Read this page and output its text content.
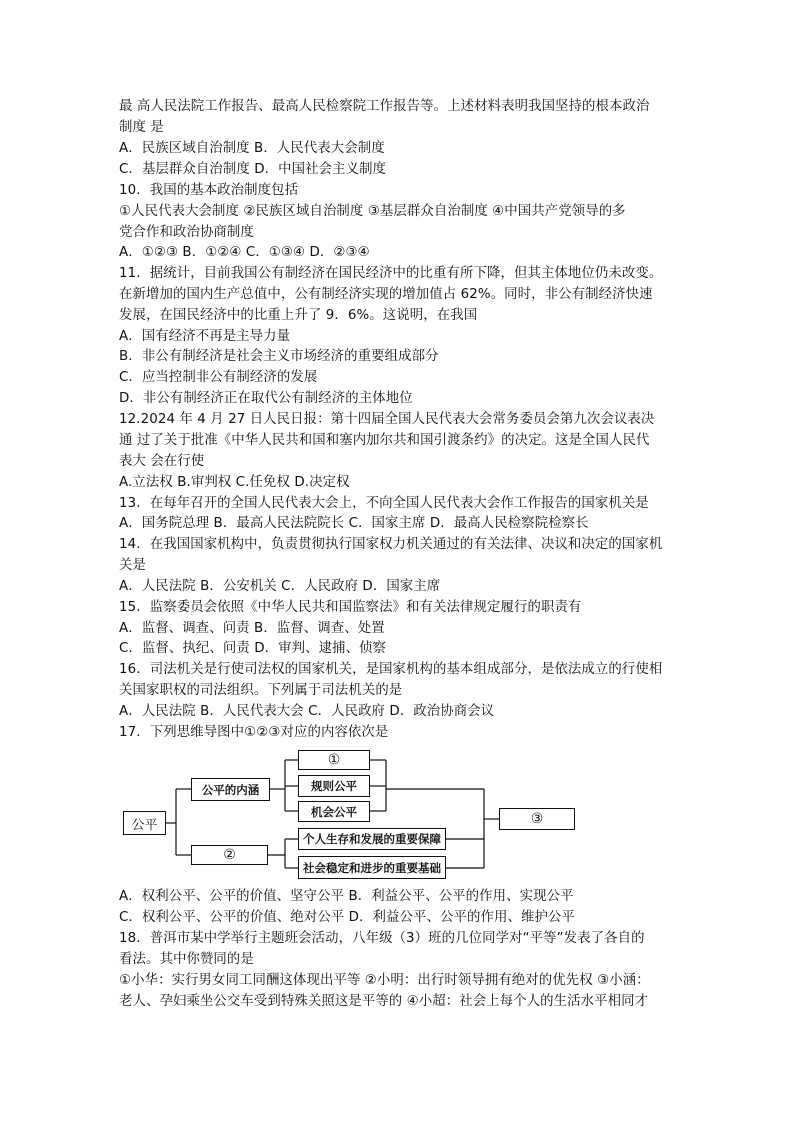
最 高人民法院工作报告、最高人民检察院工作报告等。上述材料表明我国坚持的根本政治
制度 是
A．民族区域自治制度 B．人民代表大会制度
C．基层群众自治制度 D．中国社会主义制度
10．我国的基本政治制度包括
①人民代表大会制度 ②民族区域自治制度 ③基层群众自治制度 ④中国共产党领导的多
党合作和政治协商制度
A．①②③ B．①②④ C．①③④ D．②③④
11．据统计，目前我国公有制经济在国民经济中的比重有所下降，但其主体地位仍未改变。
在新增加的国内生产总值中，公有制经济实现的增加值占 62%。同时，非公有制经济快速
发展，在国民经济中的比重上升了 9．6%。这说明，在我国
A．国有经济不再是主导力量
B．非公有制经济是社会主义市场经济的重要组成部分
C．应当控制非公有制经济的发展
D．非公有制经济正在取代公有制经济的主体地位
12.2024 年 4 月 27 日人民日报：第十四届全国人民代表大会常务委员会第九次会议表决
通 过了关于批准《中华人民共和国和塞内加尔共和国引渡条约》的决定。这是全国人民代
表大 会在行使
A.立法权 B.审判权 C.任免权 D.决定权
13．在每年召开的全国人民代表大会上，不向全国人民代表大会作工作报告的国家机关是
A．国务院总理 B．最高人民法院院长 C．国家主席 D．最高人民检察院检察长
14．在我国国家机构中，负责贯彻执行国家权力机关通过的有关法律、决议和决定的国家机
关是
A．人民法院 B．公安机关 C．人民政府 D．国家主席
15．监察委员会依照《中华人民共和国监察法》和有关法律规定履行的职责有
A．监督、调查、问责 B．监督、调查、处置
C．监督、执纪、问责 D．审判、逮捕、侦察
16．司法机关是行使司法权的国家机关，是国家机构的基本组成部分，是依法成立的行使相
关国家职权的司法组织。下列属于司法机关的是
A．人民法院 B．人民代表大会 C．人民政府 D．政治协商会议
17．下列思维导图中①②③对应的内容依次是
公平
公平的内涵
②
①
规则公平
机会公平
个人生存和发展的重要保障
社会稳定和进步的重要基础
③
A．权利公平、公平的价值、坚守公平 B．利益公平、公平的作用、实现公平
C．权利公平、公平的价值、绝对公平 D．利益公平、公平的作用、维护公平
18．普洱市某中学举行主题班会活动，八年级（3）班的几位同学对“平等”发表了各自的
看法。其中你赞同的是
①小华：实行男女同工同酬这体现出平等 ②小明：出行时领导拥有绝对的优先权 ③小涵：
老人、孕妇乘坐公交车受到特殊关照这是平等的 ④小超：社会上每个人的生活水平相同才
